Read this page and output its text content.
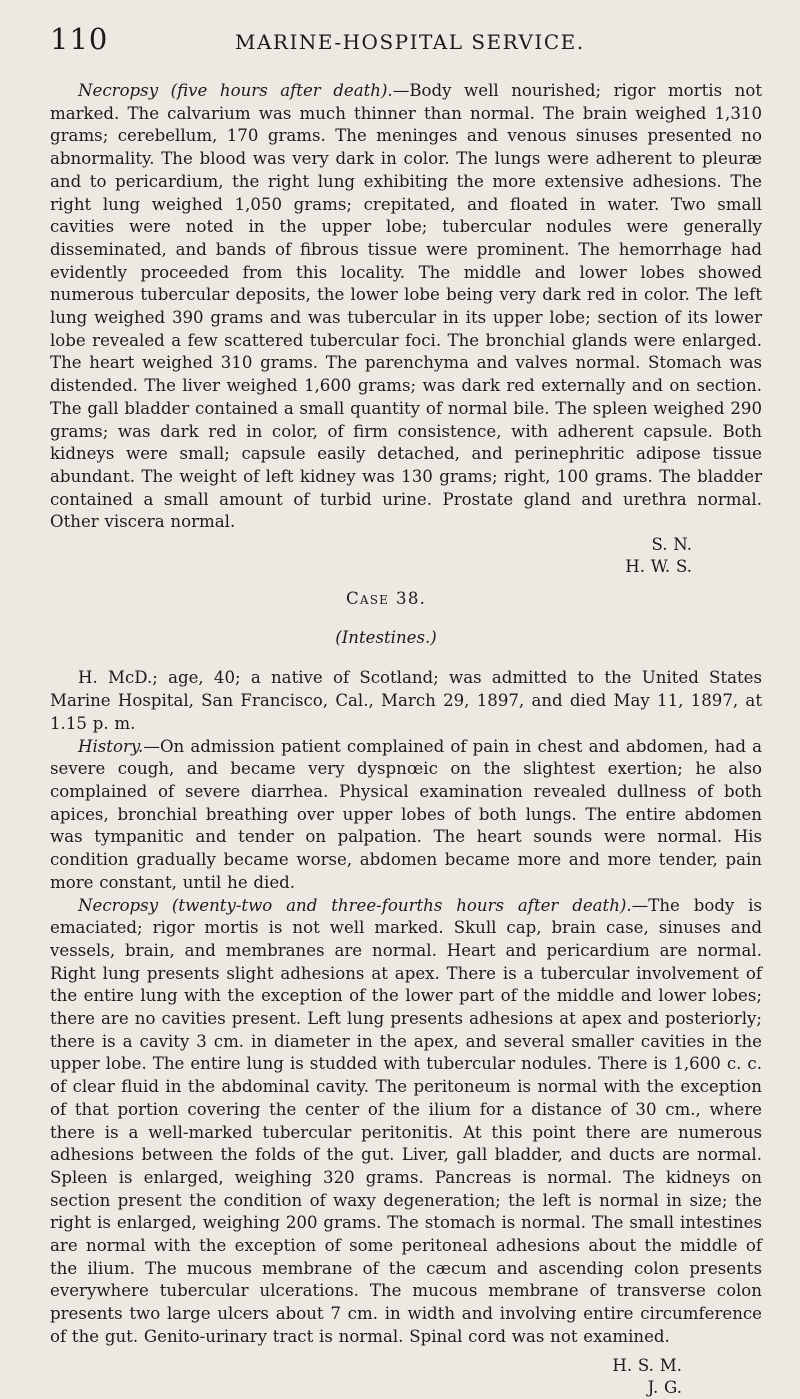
110	MARINE-HOSPITAL SERVICE.

Necropsy (five hours after death).—Body well nourished; rigor mortis not marked. The calvarium was much thinner than normal. The brain weighed 1,310 grams; cerebellum, 170 grams. The meninges and venous sinuses presented no abnormality. The blood was very dark in color. The lungs were adherent to pleuræ and to pericardium, the right lung exhibiting the more extensive adhesions. The right lung weighed 1,050 grams; crepitated, and floated in water. Two small cavities were noted in the upper lobe; tubercular nodules were generally disseminated, and bands of fibrous tissue were prominent. The hemorrhage had evidently proceeded from this locality. The middle and lower lobes showed numerous tubercular deposits, the lower lobe being very dark red in color. The left lung weighed 390 grams and was tubercular in its upper lobe; section of its lower lobe revealed a few scattered tubercular foci. The bronchial glands were enlarged. The heart weighed 310 grams. The parenchyma and valves normal. Stomach was distended. The liver weighed 1,600 grams; was dark red externally and on section. The gall bladder contained a small quantity of normal bile. The spleen weighed 290 grams; was dark red in color, of firm consistence, with adherent capsule. Both kidneys were small; capsule easily detached, and perinephritic adipose tissue abundant. The weight of left kidney was 130 grams; right, 100 grams. The bladder contained a small amount of turbid urine. Prostate gland and urethra normal. Other viscera normal.

S. N.
H. W. S.
Case 38.
(Intestines.)

H. McD.; age, 40; a native of Scotland; was admitted to the United States Marine Hospital, San Francisco, Cal., March 29, 1897, and died May 11, 1897, at 1.15 p. m.

History.—On admission patient complained of pain in chest and abdomen, had a severe cough, and became very dyspnœic on the slightest exertion; he also complained of severe diarrhea. Physical examination revealed dullness of both apices, bronchial breathing over upper lobes of both lungs. The entire abdomen was tympanitic and tender on palpation. The heart sounds were normal. His condition gradually became worse, abdomen became more and more tender, pain more constant, until he died.

Necropsy (twenty-two and three-fourths hours after death).—The body is emaciated; rigor mortis is not well marked. Skull cap, brain case, sinuses and vessels, brain, and membranes are normal. Heart and pericardium are normal. Right lung presents slight adhesions at apex. There is a tubercular involvement of the entire lung with the exception of the lower part of the middle and lower lobes; there are no cavities present. Left lung presents adhesions at apex and posteriorly; there is a cavity 3 cm. in diameter in the apex, and several smaller cavities in the upper lobe. The entire lung is studded with tubercular nodules. There is 1,600 c. c. of clear fluid in the abdominal cavity. The peritoneum is normal with the exception of that portion covering the center of the ilium for a distance of 30 cm., where there is a well-marked tubercular peritonitis. At this point there are numerous adhesions between the folds of the gut. Liver, gall bladder, and ducts are normal. Spleen is enlarged, weighing 320 grams. Pancreas is normal. The kidneys on section present the condition of waxy degeneration; the left is normal in size; the right is enlarged, weighing 200 grams. The stomach is normal. The small intestines are normal with the exception of some peritoneal adhesions about the middle of the ilium. The mucous membrane of the cæcum and ascending colon presents everywhere tubercular ulcerations. The mucous membrane of transverse colon presents two large ulcers about 7 cm. in width and involving entire circumference of the gut. Genito-urinary tract is normal. Spinal cord was not examined.

H. S. M.
J. G.
